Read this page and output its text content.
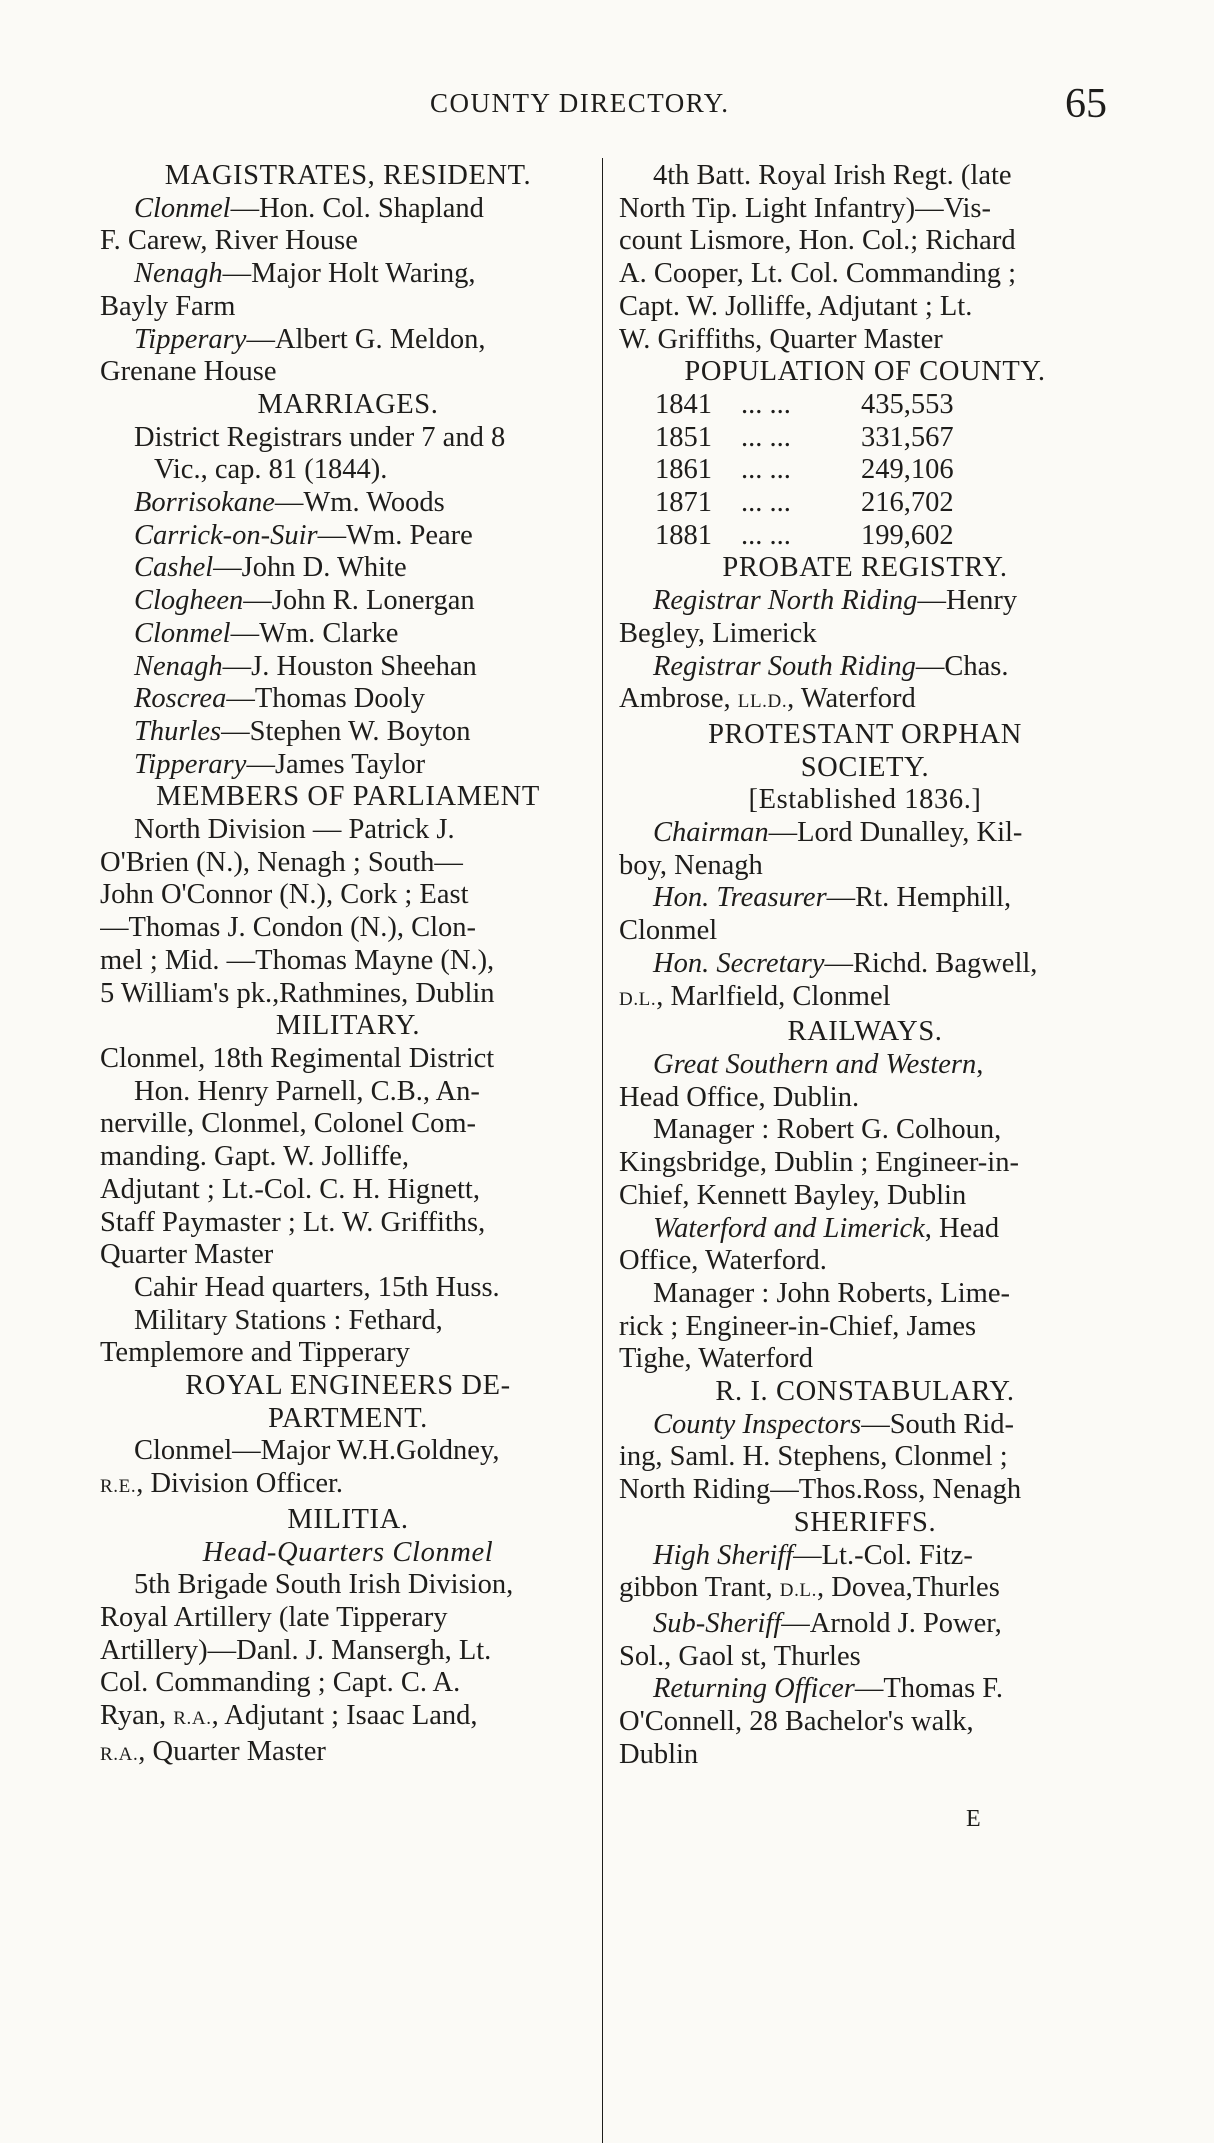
COUNTY DIRECTORY.	65
MAGISTRATES, RESIDENT.
Clonmel—Hon. Col. Shapland
F. Carew, River House
Nenagh—Major Holt Waring,
Bayly Farm
Tipperary—Albert G. Meldon,
Grenane House
MARRIAGES.
District Registrars under 7 and 8
Vic., cap. 81 (1844).
Borrisokane—Wm. Woods
Carrick-on-Suir—Wm. Peare
Cashel—John D. White
Clogheen—John R. Lonergan
Clonmel—Wm. Clarke
Nenagh—J. Houston Sheehan
Roscrea—Thomas Dooly
Thurles—Stephen W. Boyton
Tipperary—James Taylor
MEMBERS OF PARLIAMENT
North Division — Patrick J.
O'Brien (N.), Nenagh ; South—
John O'Connor (N.), Cork ; East
—Thomas J. Condon (N.), Clon-
mel ; Mid. —Thomas Mayne (N.),
5 William's pk.,Rathmines, Dublin
MILITARY.
Clonmel, 18th Regimental District
Hon. Henry Parnell, C.B., An-
nerville, Clonmel, Colonel Com-
manding. Gapt. W. Jolliffe,
Adjutant ; Lt.-Col. C. H. Hignett,
Staff Paymaster ; Lt. W. Griffiths,
Quarter Master
Cahir Head quarters, 15th Huss.
Military Stations : Fethard,
Templemore and Tipperary
ROYAL ENGINEERS DE-
PARTMENT.
Clonmel—Major W.H.Goldney,
R.E., Division Officer.
MILITIA.
Head-Quarters Clonmel
5th Brigade South Irish Division,
Royal Artillery (late Tipperary
Artillery)—Danl. J. Mansergh, Lt.
Col. Commanding ; Capt. C. A.
Ryan, R.A., Adjutant ; Isaac Land,
R.A., Quarter Master
4th Batt. Royal Irish Regt. (late
North Tip. Light Infantry)—Vis-
count Lismore, Hon. Col.; Richard
A. Cooper, Lt. Col. Commanding ;
Capt. W. Jolliffe, Adjutant ; Lt.
W. Griffiths, Quarter Master
POPULATION OF COUNTY.
1841	... ...	435,553
1851	... ...	331,567
1861	... ...	249,106
1871	... ...	216,702
1881	... ...	199,602
PROBATE REGISTRY.
Registrar North Riding—Henry
Begley, Limerick
Registrar South Riding—Chas.
Ambrose, LL.D., Waterford
PROTESTANT ORPHAN
SOCIETY.
[Established 1836.]
Chairman—Lord Dunalley, Kil-
boy, Nenagh
Hon. Treasurer—Rt. Hemphill,
Clonmel
Hon. Secretary—Richd. Bagwell,
D.L., Marlfield, Clonmel
RAILWAYS.
Great Southern and Western,
Head Office, Dublin.
Manager : Robert G. Colhoun,
Kingsbridge, Dublin ; Engineer-in-
Chief, Kennett Bayley, Dublin
Waterford and Limerick, Head
Office, Waterford.
Manager : John Roberts, Lime-
rick ; Engineer-in-Chief, James
Tighe, Waterford
R. I. CONSTABULARY.
County Inspectors—South Rid-
ing, Saml. H. Stephens, Clonmel ;
North Riding—Thos.Ross, Nenagh
SHERIFFS.
High Sheriff—Lt.-Col. Fitz-
gibbon Trant, D.L., Dovea,Thurles
Sub-Sheriff—Arnold J. Power,
Sol., Gaol st, Thurles
Returning Officer—Thomas F.
O'Connell, 28 Bachelor's walk,
Dublin
E
